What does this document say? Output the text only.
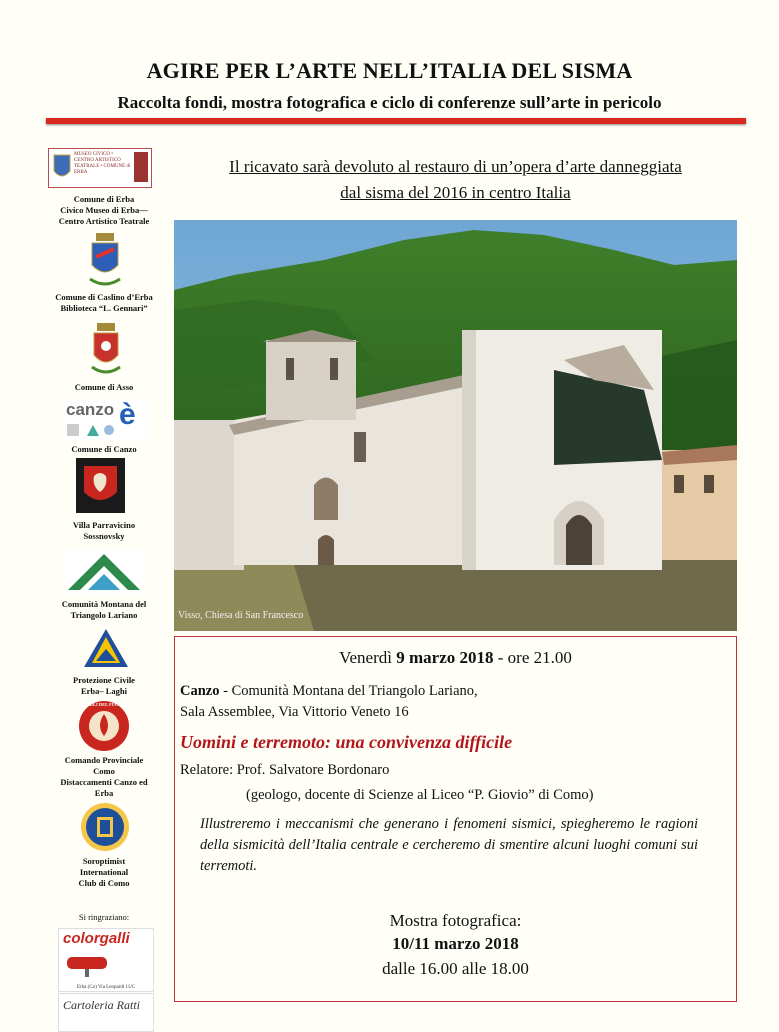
AGIRE PER L’ARTE NELL’ITALIA DEL SISMA
Raccolta fondi, mostra fotografica e ciclo di conferenze sull’arte in pericolo
Il ricavato sarà devoluto al restauro di un’opera d’arte danneggiata
dal sisma del 2016 in centro Italia
Visso, Chiesa di San Francesco
Venerdì 9 marzo 2018 - ore 21.00
Canzo - Comunità Montana del Triangolo Lariano,
Sala Assemblee, Via Vittorio Veneto 16
Uomini e terremoto: una convivenza difficile
Relatore: Prof. Salvatore Bordonaro
(geologo, docente di Scienze al Liceo “P. Giovio” di Como)
Illustreremo i meccanismi che generano i fenomeni sismici, spiegheremo le ragioni della sismicità dell’Italia centrale e cercheremo di smentire alcuni luoghi comuni sui terremoti.
Mostra fotografica:
10/11 marzo 2018
dalle 16.00 alle 18.00
MUSEO CIVICO • CENTRO ARTISTICO TEATRALE • COMUNE di ERBA
Comune di Erba
Civico Museo di Erba—
Centro Artistico Teatrale
Comune di Caslino d’Erba
Biblioteca “L. Gennari”
Comune di Asso
canzo è
Comune di Canzo
Villa Parravicino
Sossnovsky
Comunità Montana del
Triangolo Lariano
Protezione Civile
Erba– Laghi
VIGILI DEL FUOCO
Comando Provinciale
Como
Distaccamenti Canzo ed
Erba
Soroptimist
International
Club di Como
Si ringraziano:
colorgalli
Erba (Co) Via Leopardi 11/C
Cartoleria Ratti
